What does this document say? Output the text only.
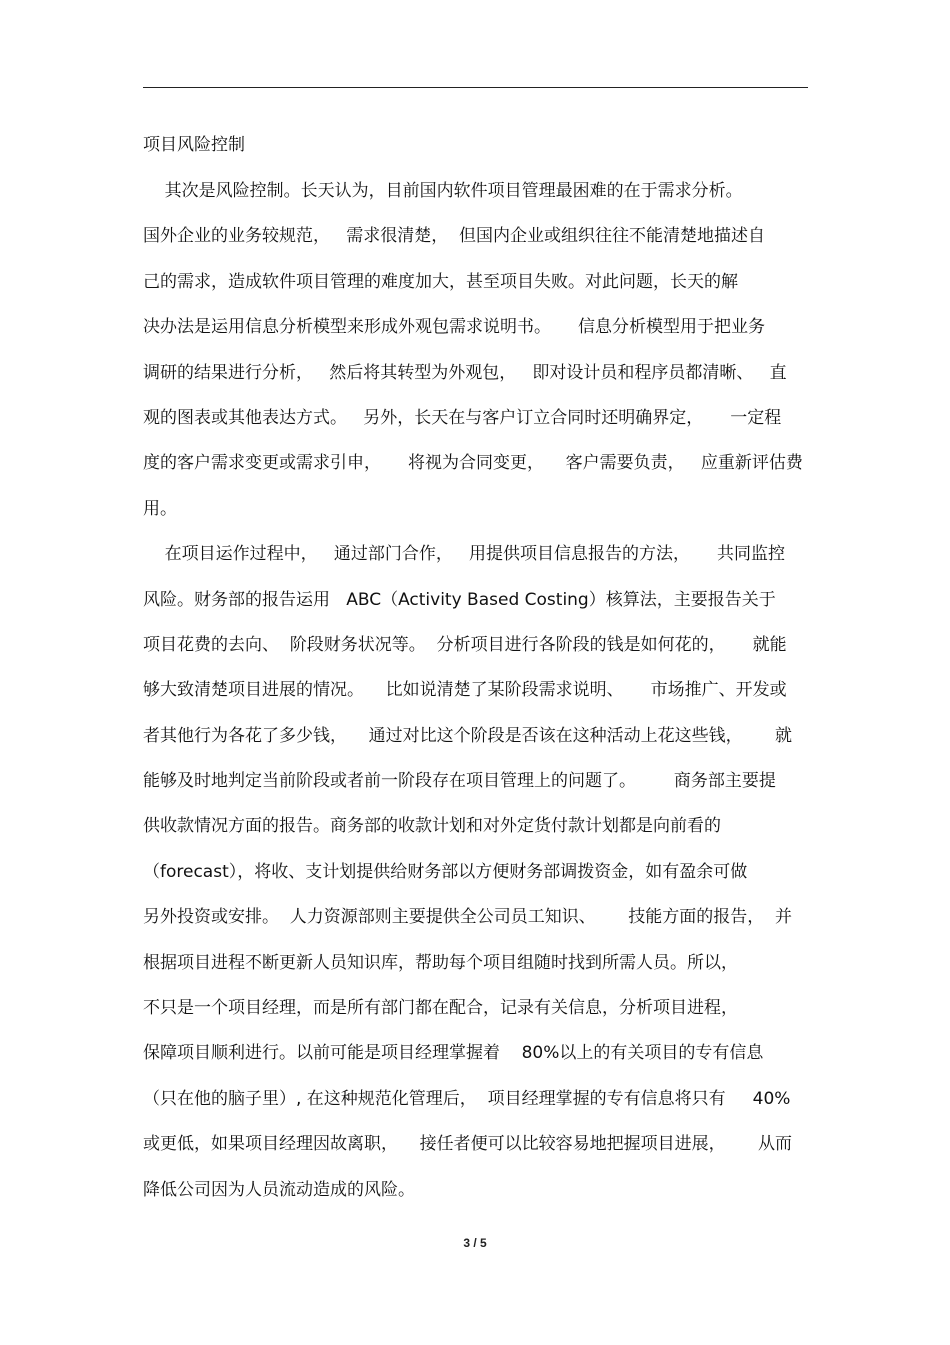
项目风险控制
其次是风险控制。长天认为，目前国内软件项目管理最困难的在于需求分析。
国外企业的业务较规范，   需求很清楚，  但国内企业或组织往往不能清楚地描述自
己的需求，造成软件项目管理的难度加大，甚至项目失败。对此问题，长天的解
决办法是运用信息分析模型来形成外观包需求说明书。     信息分析模型用于把业务
调研的结果进行分析，   然后将其转型为外观包，   即对设计员和程序员都清晰、   直
观的图表或其他表达方式。   另外，长天在与客户订立合同时还明确界定，     一定程
度的客户需求变更或需求引申，     将视为合同变更，    客户需要负责，   应重新评估费
用。
在项目运作过程中，   通过部门合作，   用提供项目信息报告的方法，     共同监控
风险。财务部的报告运用   ABC（Activity Based Costing）核算法，主要报告关于
项目花费的去向、  阶段财务状况等。  分析项目进行各阶段的钱是如何花的，     就能
够大致清楚项目进展的情况。    比如说清楚了某阶段需求说明、     市场推广、开发或
者其他行为各花了多少钱，    通过对比这个阶段是否该在这种活动上花这些钱，      就
能够及时地判定当前阶段或者前一阶段存在项目管理上的问题了。       商务部主要提
供收款情况方面的报告。商务部的收款计划和对外定货付款计划都是向前看的
（forecast），将收、支计划提供给财务部以方便财务部调拨资金，如有盈余可做
另外投资或安排。  人力资源部则主要提供全公司员工知识、      技能方面的报告，  并
根据项目进程不断更新人员知识库，帮助每个项目组随时找到所需人员。所以，
不只是一个项目经理，而是所有部门都在配合，记录有关信息，分析项目进程，
保障项目顺利进行。以前可能是项目经理掌握着    80%以上的有关项目的专有信息
（只在他的脑子里）, 在这种规范化管理后，  项目经理掌握的专有信息将只有     40%
或更低，如果项目经理因故离职，    接任者便可以比较容易地把握项目进展，      从而
降低公司因为人员流动造成的风险。
3 / 5
